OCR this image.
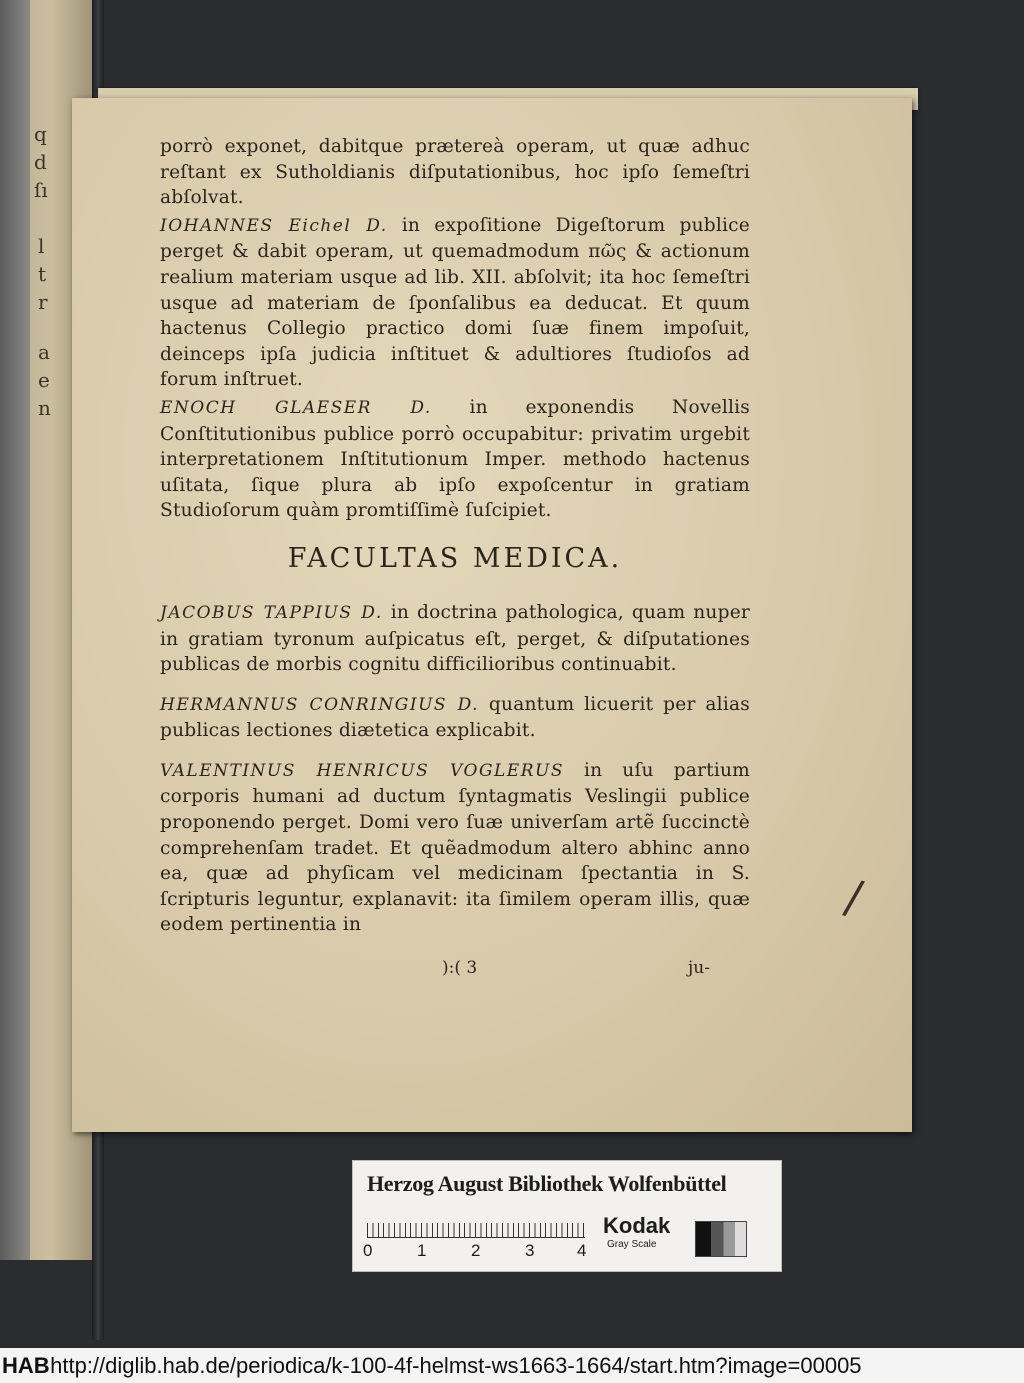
q
d
ſı
l
t
r
a
e
n

porrò exponet, dabitque prætereà operam, ut quæ adhuc reſtant ex Sutholdianis diſputationibus, hoc ipſo ſemeſtri abſolvat.

IOHANNES Eichel D. in expoſitione Digeſtorum publice perget & dabit operam, ut quemadmodum πῶς & actionum realium materiam usque ad lib. XII. abſolvit; ita hoc ſemeſtri usque ad materiam de ſponſalibus ea deducat. Et quum hactenus Collegio practico domi ſuæ finem impoſuit, deinceps ipſa judicia inſtituet & adultiores ſtudioſos ad forum inſtruet.

ENOCH GLAESER D. in exponendis Novellis Conſtitutionibus publice porrò occupabitur: privatim urgebit interpretationem Inſtitutionum Imper. methodo hactenus uſitata, ſique plura ab ipſo expoſcentur in gratiam Studioſorum quàm promtiſſimè ſuſcipiet.

FACULTAS MEDICA.

JACOBUS TAPPIUS D. in doctrina pathologica, quam nuper in gratiam tyronum auſpicatus eſt, perget, & diſputationes publicas de morbis cognitu difficilioribus continuabit.

HERMANNUS CONRINGIUS D. quantum licuerit per alias publicas lectiones diætetica explicabit.

VALENTINUS HENRICUS VOGLERUS in uſu partium corporis humani ad ductum ſyntagmatis Veslingii publice proponendo perget. Domi vero ſuæ univerſam artẽ ſuccinctè comprehenſam tradet. Et quẽadmodum altero abhinc anno ea, quæ ad phyſicam vel medicinam ſpectantia in S. ſcripturis leguntur, explanavit: ita ſimilem operam illis, quæ eodem pertinentia in

):( 3	ju-
/
Herzog August Bibliothek Wolfenbüttel
0	1	2	3	4
Kodak
Gray Scale
HAB http://diglib.hab.de/periodica/k-100-4f-helmst-ws1663-1664/start.htm?image=00005
